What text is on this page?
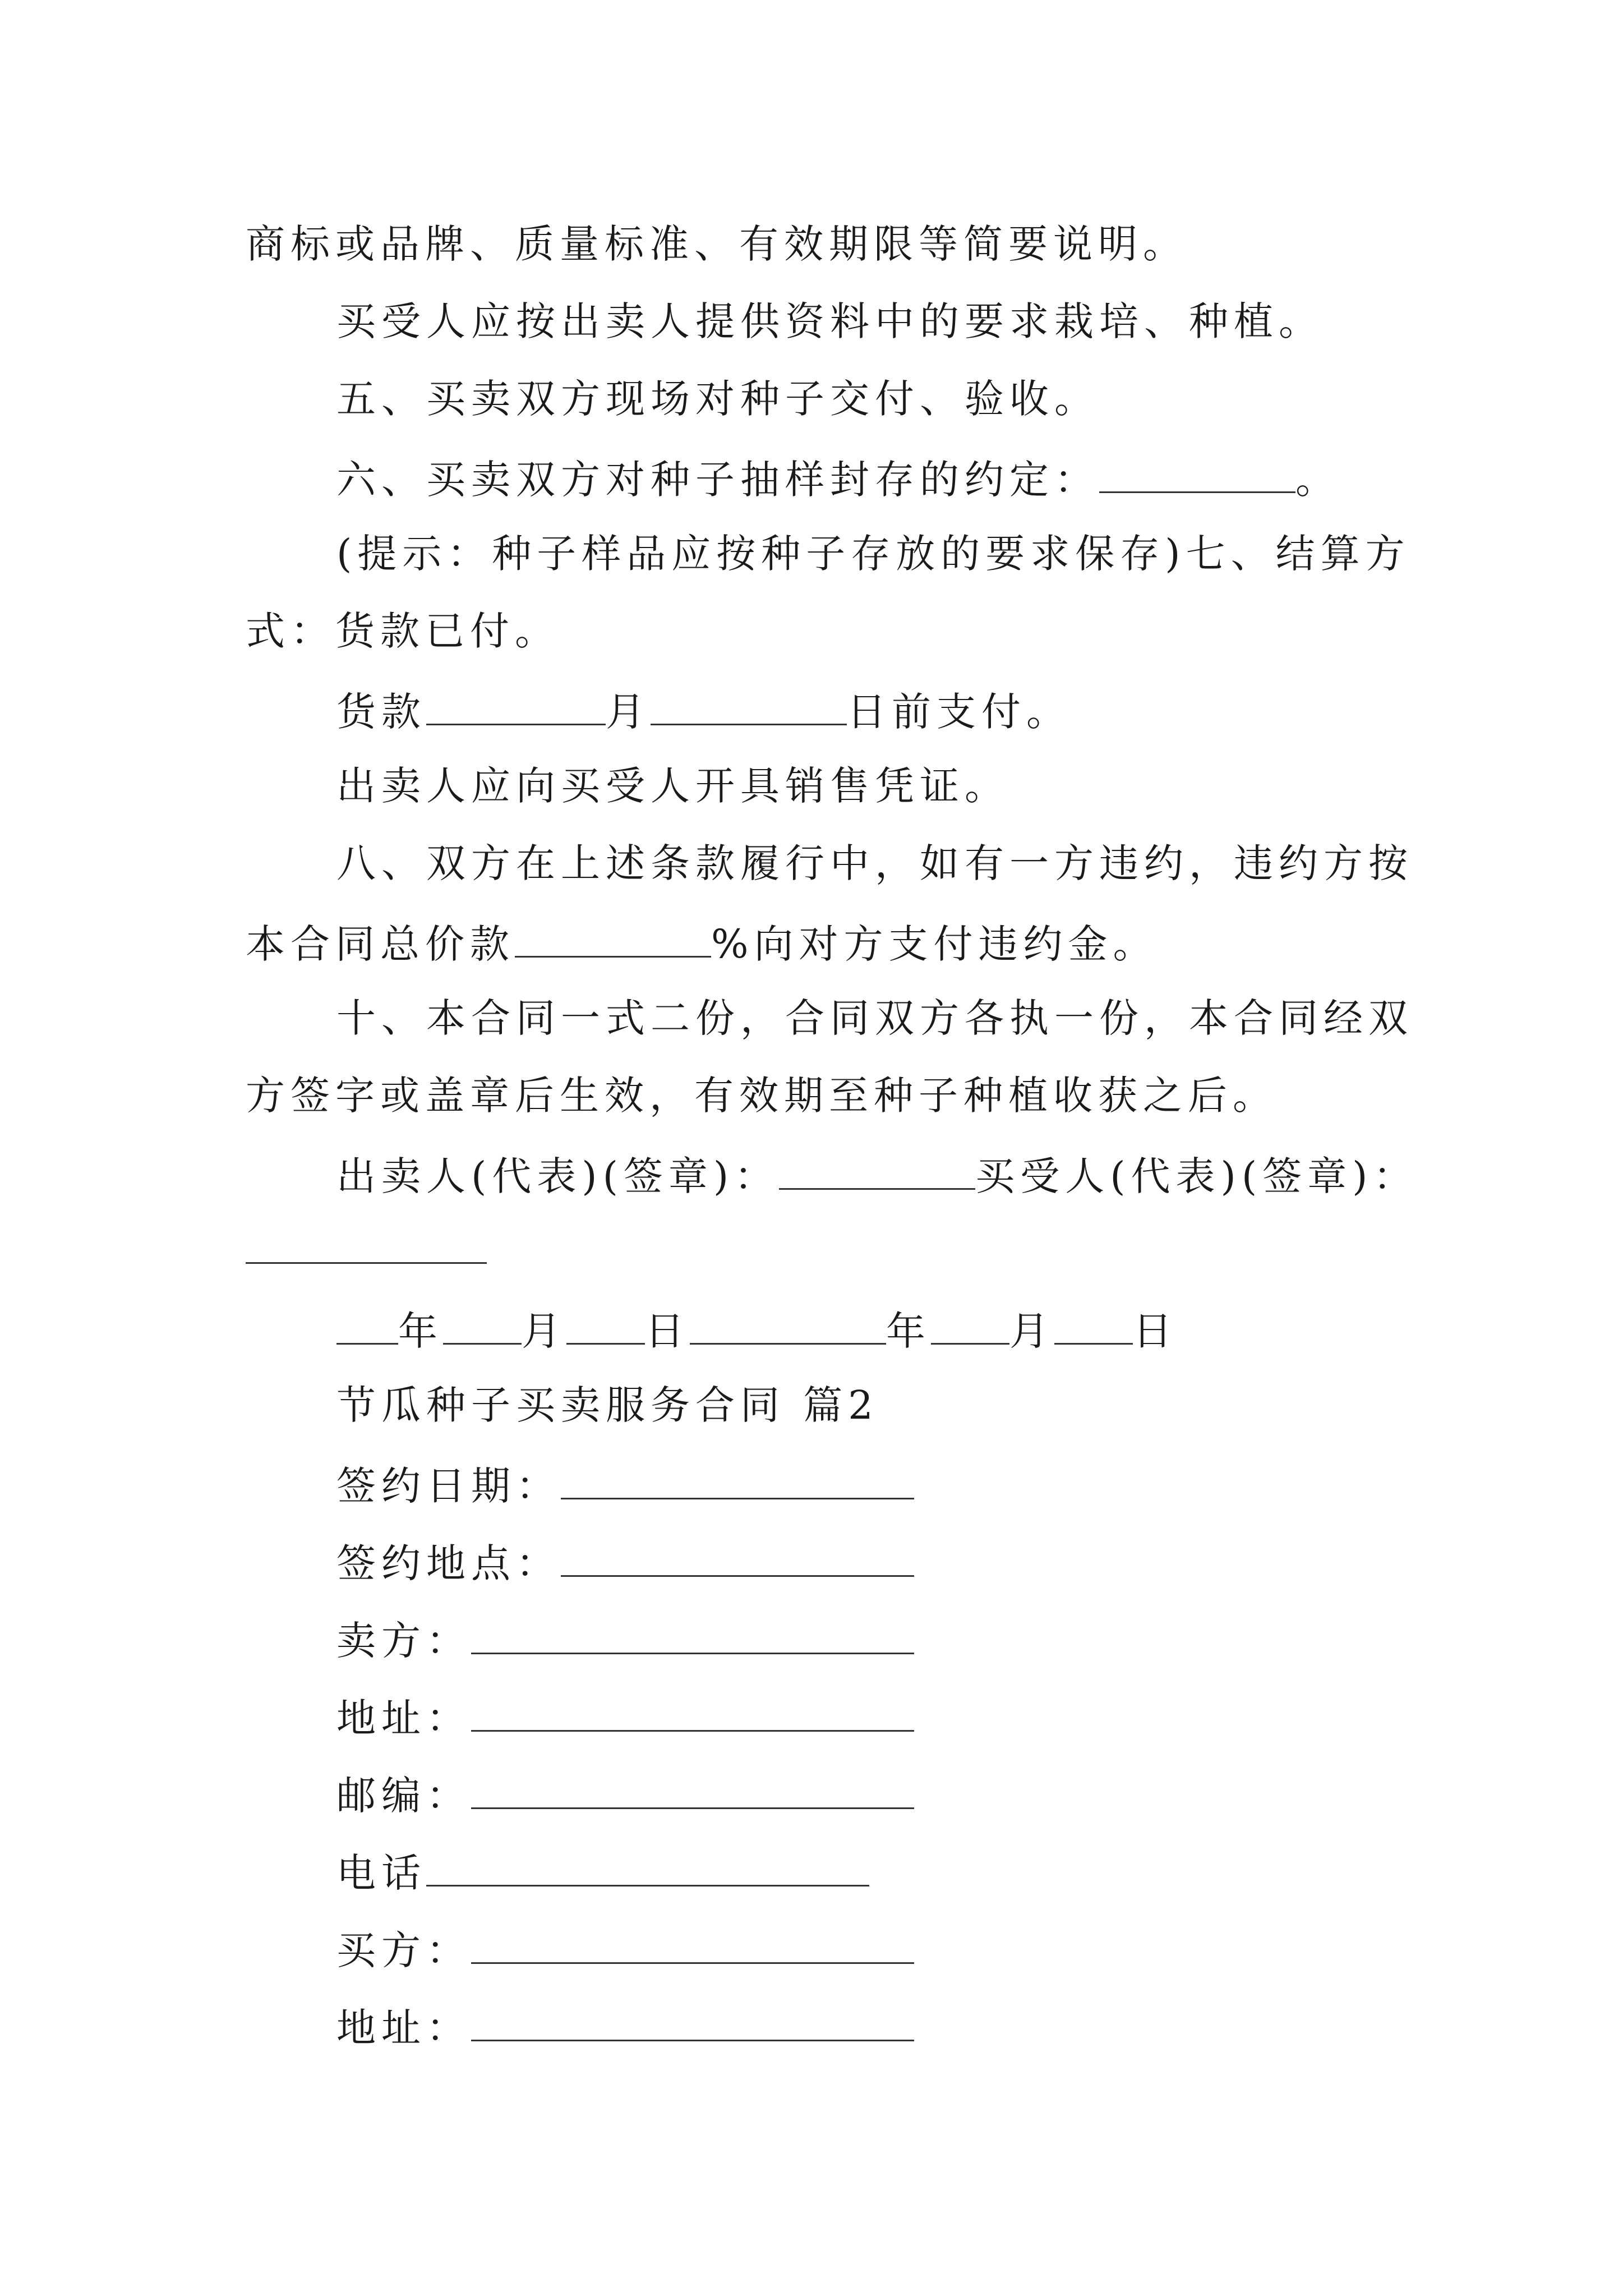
商标或品牌、质量标准、有效期限等简要说明。
买受人应按出卖人提供资料中的要求栽培、种植。
五、买卖双方现场对种子交付、验收。
六、买卖双方对种子抽样封存的约定：	。
(提示：种子样品应按种子存放的要求保存)七、结算方
式：货款已付。
货款	月	日前支付。
出卖人应向买受人开具销售凭证。
八、双方在上述条款履行中，如有一方违约，违约方按
本合同总价款	%向对方支付违约金。
十、本合同一式二份，合同双方各执一份，本合同经双
方签字或盖章后生效，有效期至种子种植收获之后。
出卖人(代表)(签章)：	买受人(代表)(签章)：
年 月 日	年 月 日
节瓜种子买卖服务合同 篇2
签约日期：
签约地点：
卖方：
地址：
邮编：
电话
买方：
地址：
